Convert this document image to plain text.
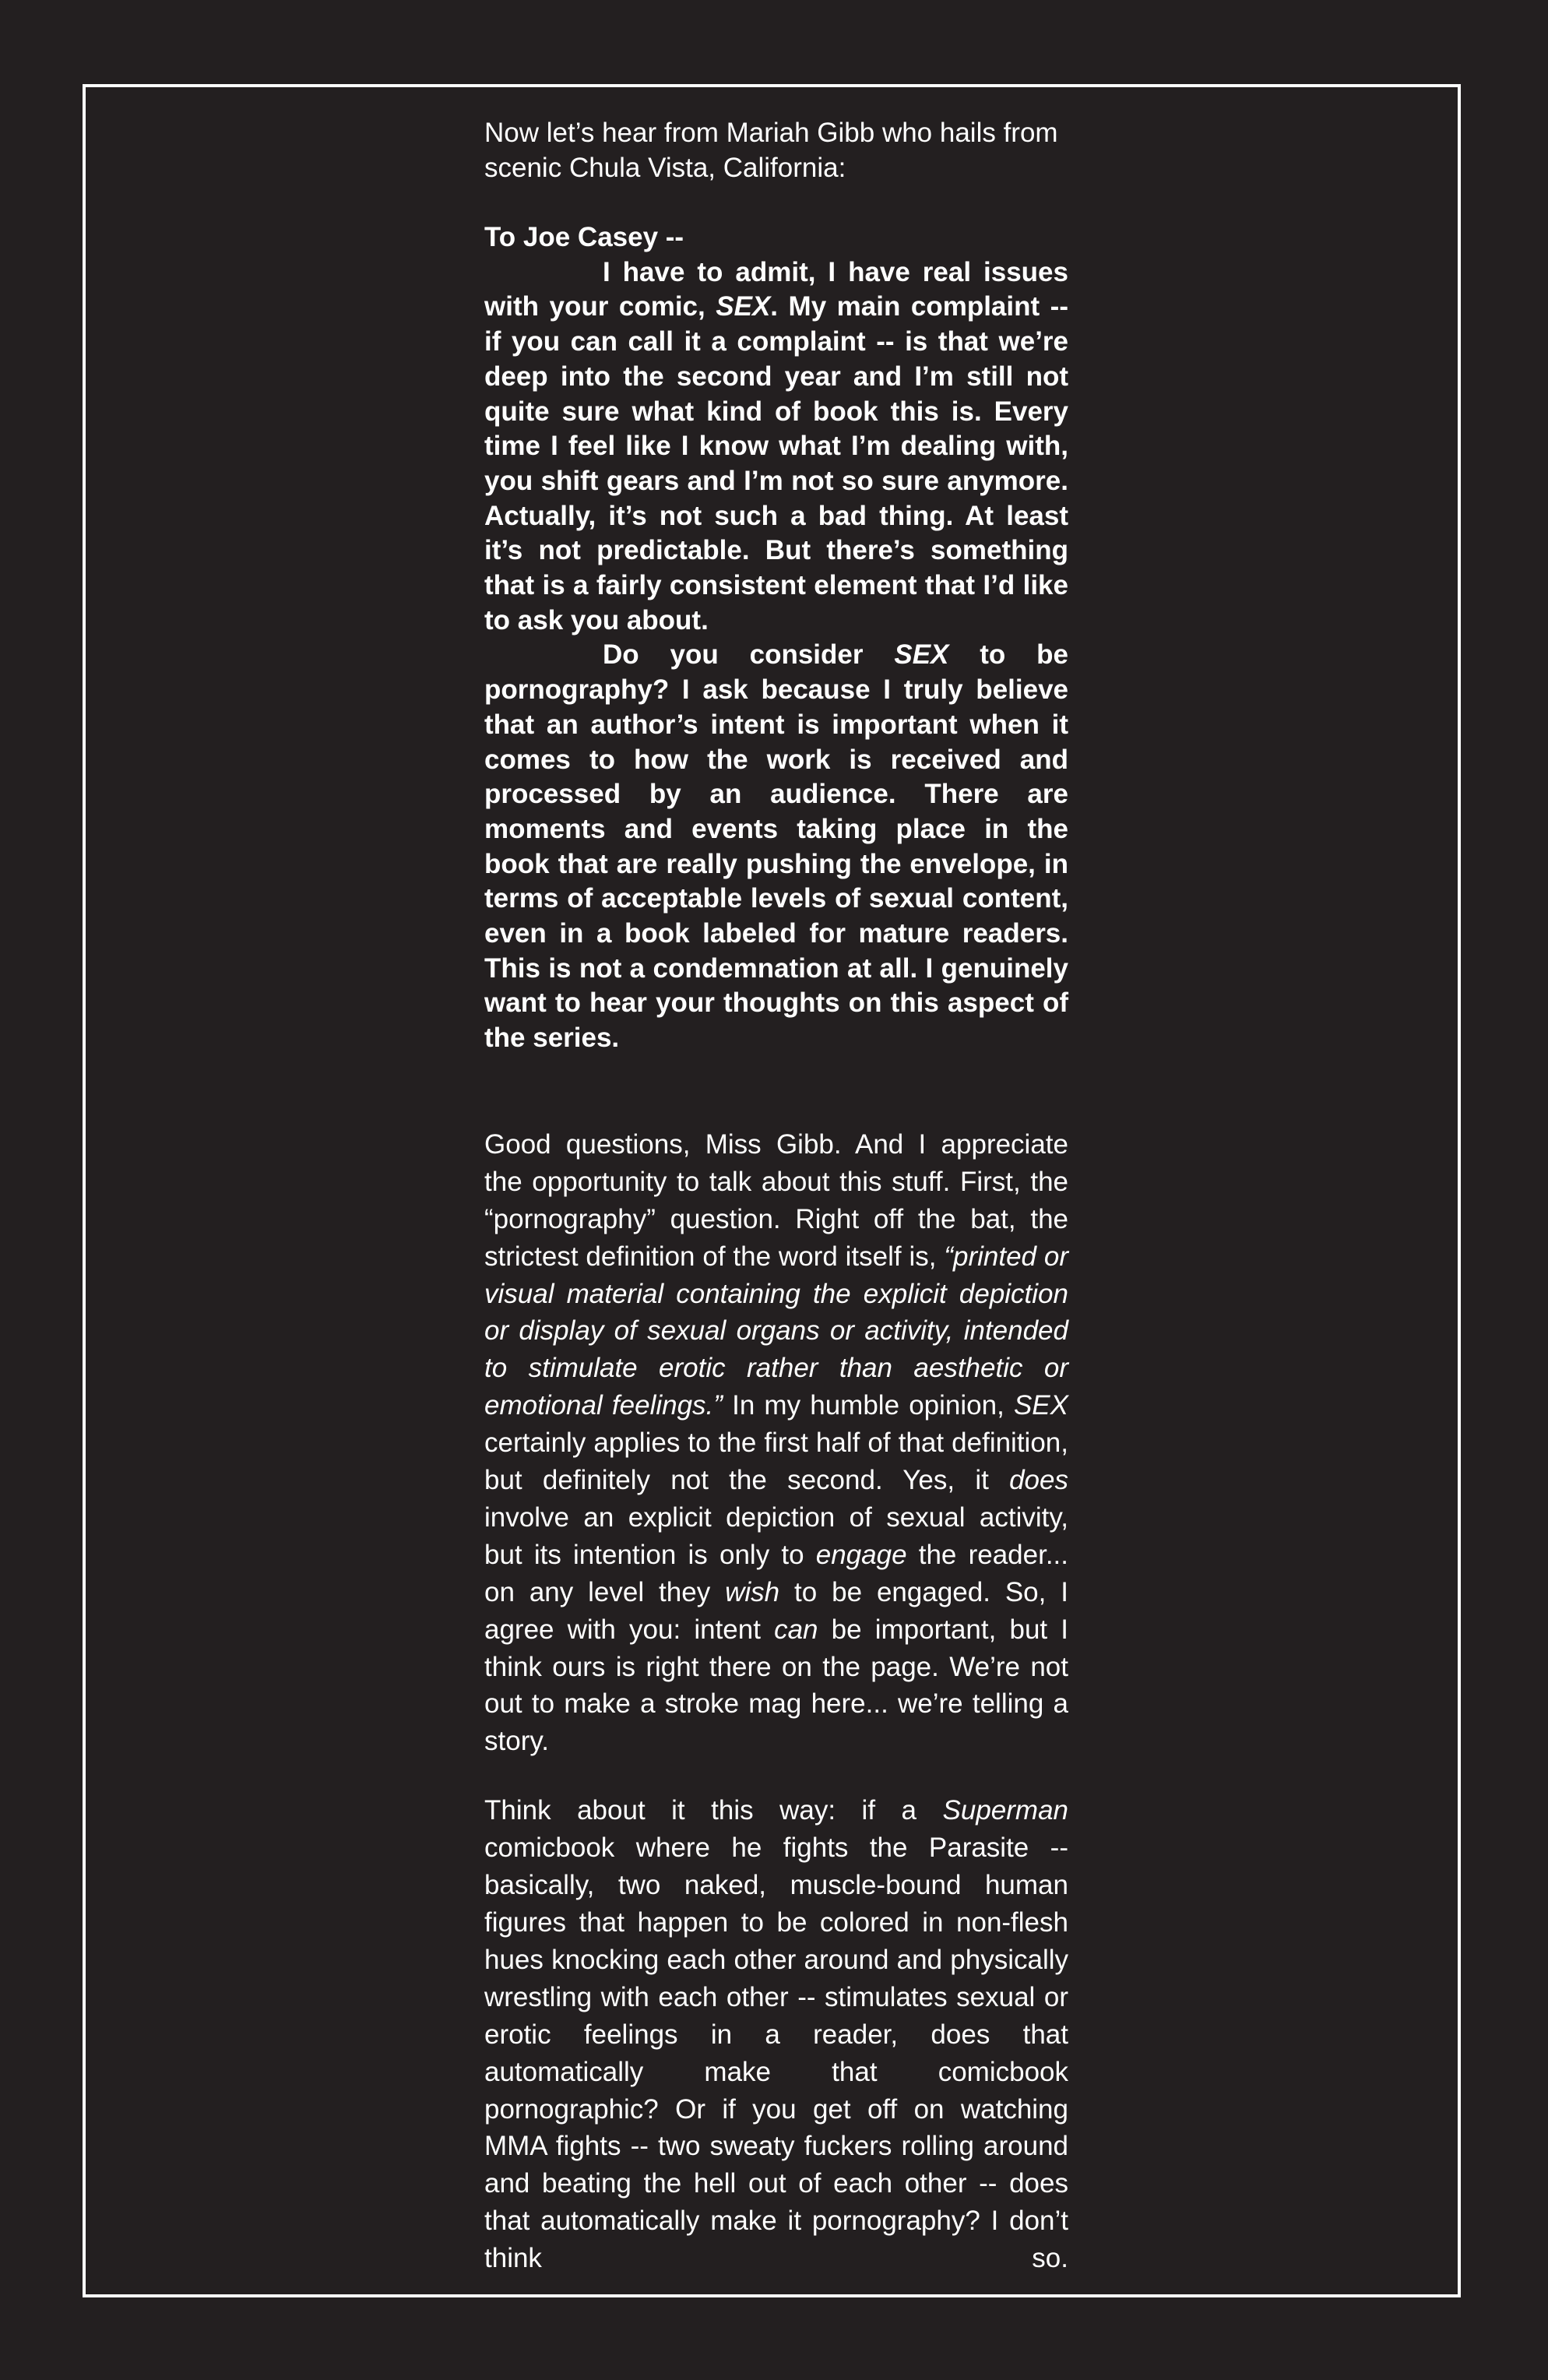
Now let’s hear from Mariah Gibb who hails from scenic Chula Vista, California:

To Joe Casey --

I have to admit, I have real issues with your comic, SEX. My main complaint -- if you can call it a complaint -- is that we’re deep into the second year and I’m still not quite sure what kind of book this is. Every time I feel like I know what I’m dealing with, you shift gears and I’m not so sure anymore. Actually, it’s not such a bad thing. At least it’s not predictable. But there’s something that is a fairly consistent element that I’d like to ask you about.

Do you consider SEX to be pornography? I ask because I truly believe that an author’s intent is important when it comes to how the work is received and processed by an audience. There are moments and events taking place in the book that are really pushing the envelope, in terms of acceptable levels of sexual content, even in a book labeled for mature readers. This is not a condemnation at all. I genuinely want to hear your thoughts on this aspect of the series.

Good questions, Miss Gibb. And I appreciate the opportunity to talk about this stuff. First, the “pornography” question. Right off the bat, the strictest definition of the word itself is, “printed or visual material containing the explicit depiction or display of sexual organs or activity, intended to stimulate erotic rather than aesthetic or emotional feelings.” In my humble opinion, SEX certainly applies to the first half of that definition, but definitely not the second. Yes, it does involve an explicit depiction of sexual activity, but its intention is only to engage the reader... on any level they wish to be engaged. So, I agree with you: intent can be important, but I think ours is right there on the page. We’re not out to make a stroke mag here... we’re telling a story.

Think about it this way: if a Superman comicbook where he fights the Parasite -- basically, two naked, muscle-bound human figures that happen to be colored in non-flesh hues knocking each other around and physically wrestling with each other -- stimulates sexual or erotic feelings in a reader, does that automatically make that comicbook pornographic? Or if you get off on watching MMA fights -- two sweaty fuckers rolling around and beating the hell out of each other -- does that automatically make it pornography? I don’t think so.
